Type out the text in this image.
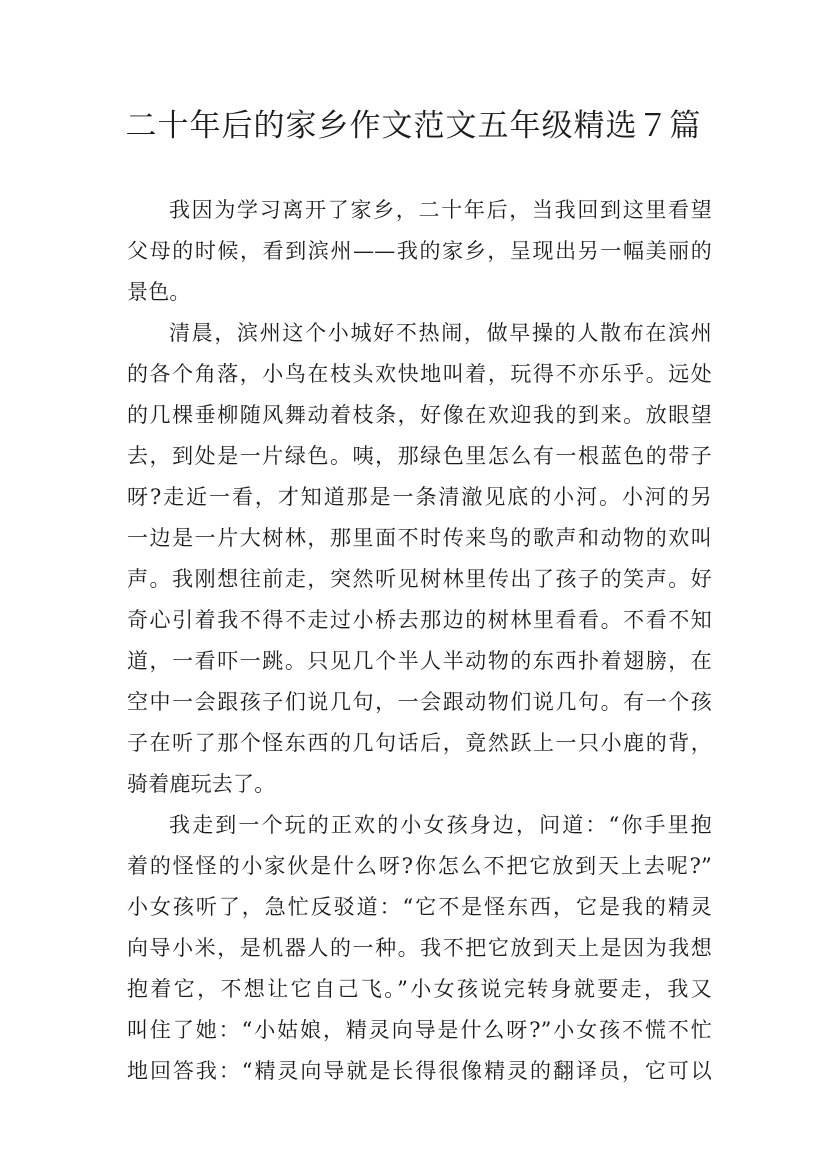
二十年后的家乡作文范文五年级精选７篇
我因为学习离开了家乡，二十年后，当我回到这里看望
父母的时候，看到滨州——我的家乡，呈现出另一幅美丽的
景色。
清晨，滨州这个小城好不热闹，做早操的人散布在滨州
的各个角落，小鸟在枝头欢快地叫着，玩得不亦乐乎。远处
的几棵垂柳随风舞动着枝条，好像在欢迎我的到来。放眼望
去，到处是一片绿色。咦，那绿色里怎么有一根蓝色的带子
呀?走近一看，才知道那是一条清澈见底的小河。小河的另
一边是一片大树林，那里面不时传来鸟的歌声和动物的欢叫
声。我刚想往前走，突然听见树林里传出了孩子的笑声。好
奇心引着我不得不走过小桥去那边的树林里看看。不看不知
道，一看吓一跳。只见几个半人半动物的东西扑着翅膀，在
空中一会跟孩子们说几句，一会跟动物们说几句。有一个孩
子在听了那个怪东西的几句话后，竟然跃上一只小鹿的背，
骑着鹿玩去了。
我走到一个玩的正欢的小女孩身边，问道：“你手里抱
着的怪怪的小家伙是什么呀?你怎么不把它放到天上去呢?”
小女孩听了，急忙反驳道：“它不是怪东西，它是我的精灵
向导小米，是机器人的一种。我不把它放到天上是因为我想
抱着它，不想让它自己飞。”小女孩说完转身就要走，我又
叫住了她：“小姑娘，精灵向导是什么呀?”小女孩不慌不忙
地回答我：“精灵向导就是长得很像精灵的翻译员，它可以
